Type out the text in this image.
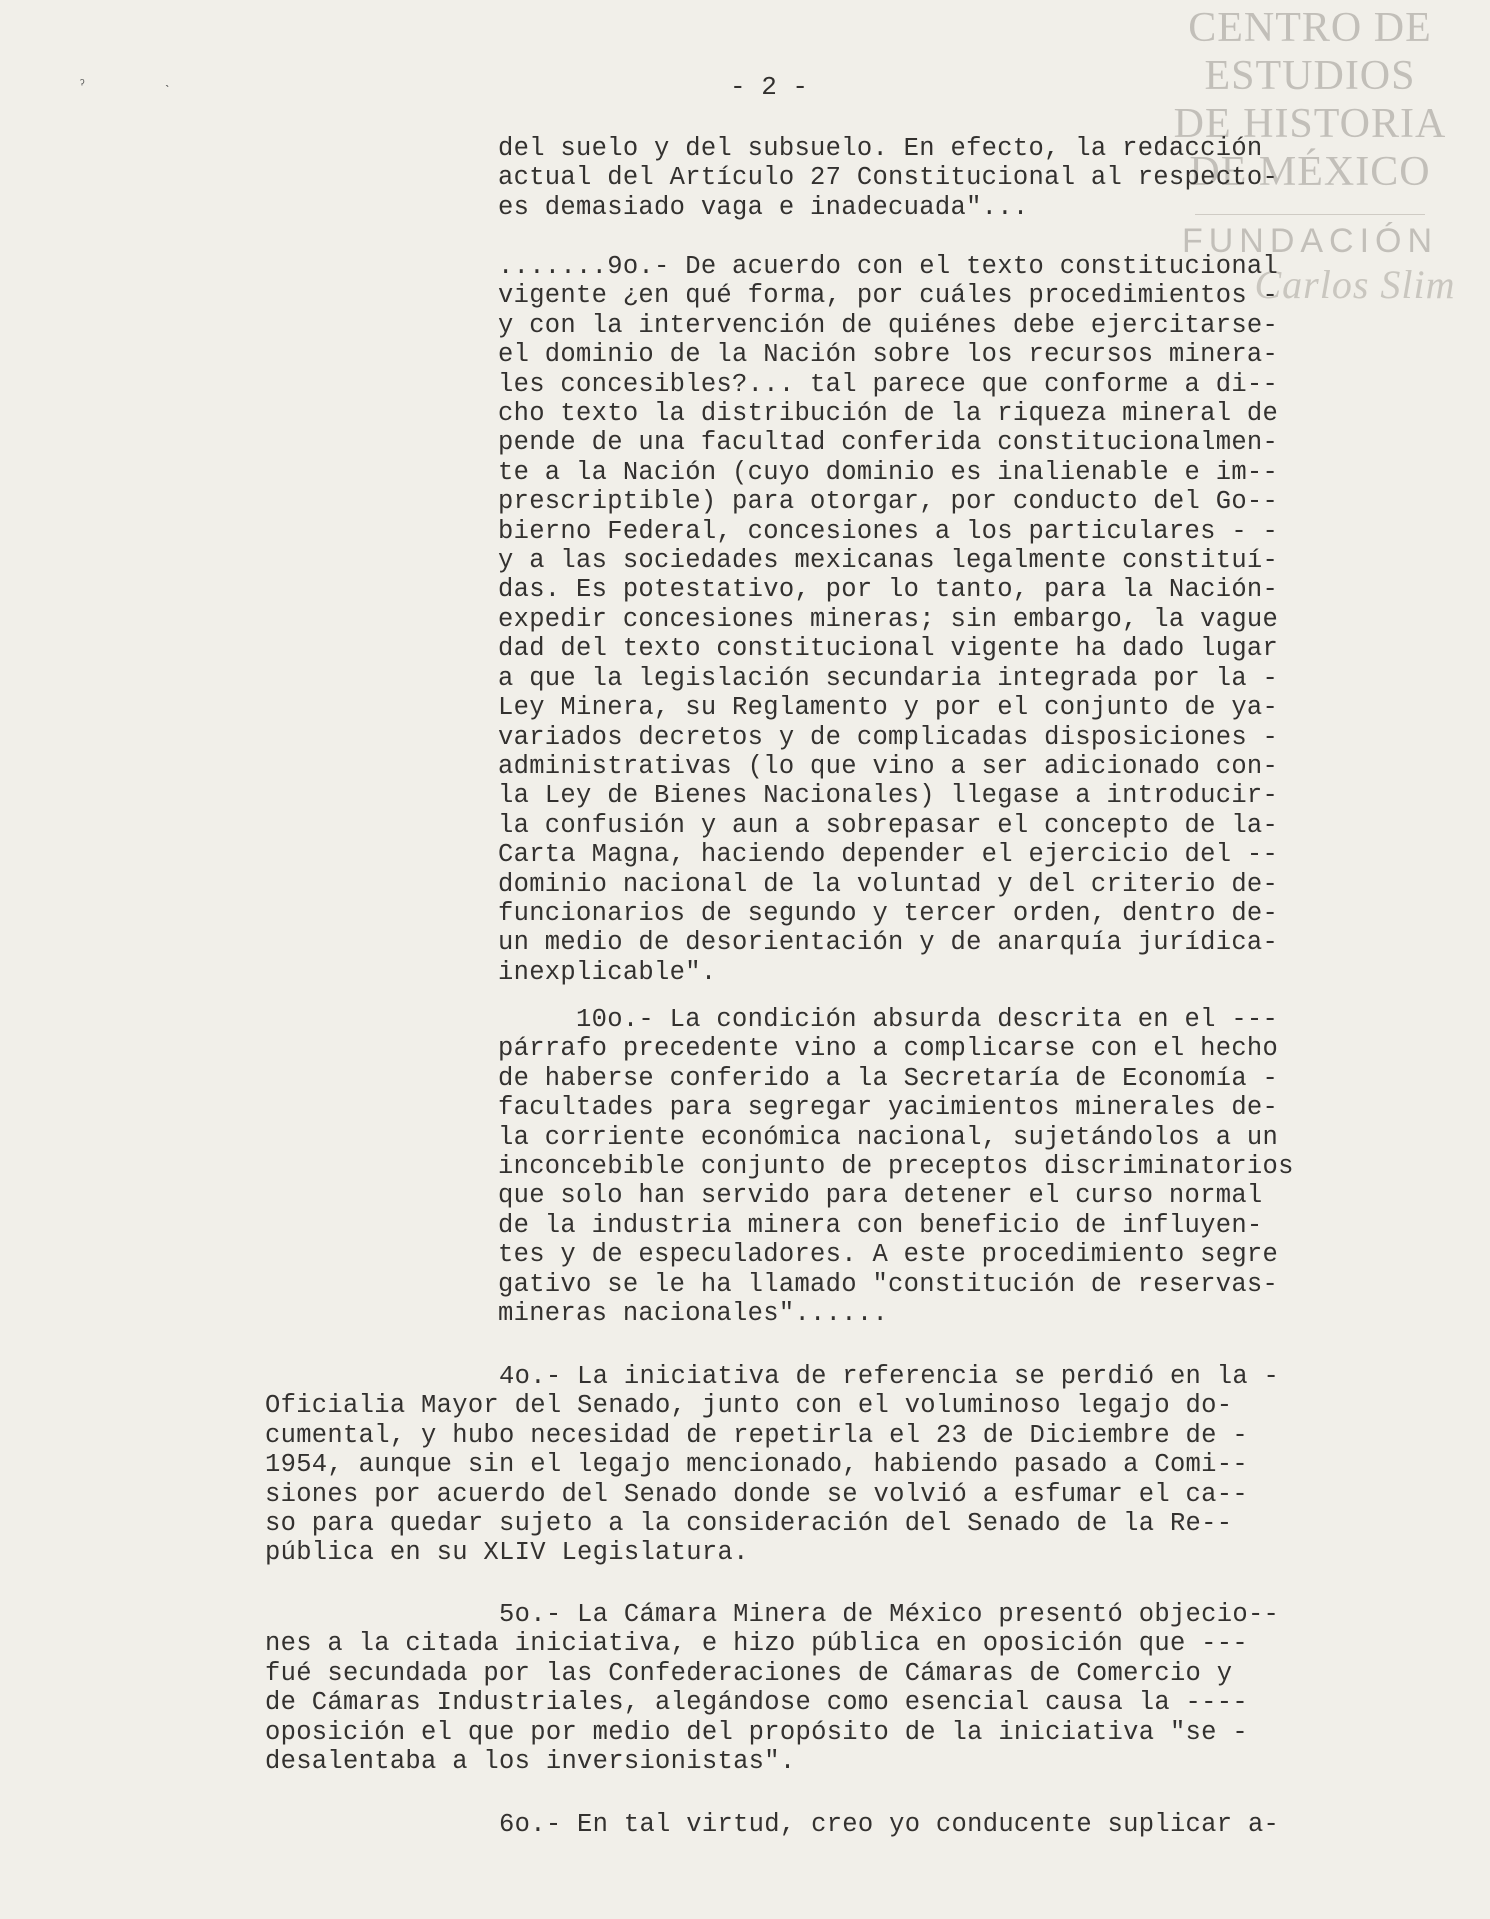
CENTRO DE
ESTUDIOS
DE HISTORIA
DE MÉXICO
FUNDACIÓN
Carlos Slim
ˀ	˴	- 2 -
del suelo y del subsuelo. En efecto, la redacción
actual del Artículo 27 Constitucional al respecto-
es demasiado vaga e inadecuada"...
.......9o.- De acuerdo con el texto constitucional
vigente ¿en qué forma, por cuáles procedimientos -
y con la intervención de quiénes debe ejercitarse-
el dominio de la Nación sobre los recursos minera-
les concesibles?... tal parece que conforme a di--
cho texto la distribución de la riqueza mineral de
pende de una facultad conferida constitucionalmen-
te a la Nación (cuyo dominio es inalienable e im--
prescriptible) para otorgar, por conducto del Go--
bierno Federal, concesiones a los particulares - -
y a las sociedades mexicanas legalmente constituí-
das. Es potestativo, por lo tanto, para la Nación-
expedir concesiones mineras; sin embargo, la vague
dad del texto constitucional vigente ha dado lugar
a que la legislación secundaria integrada por la -
Ley Minera, su Reglamento y por el conjunto de ya-
variados decretos y de complicadas disposiciones -
administrativas (lo que vino a ser adicionado con-
la Ley de Bienes Nacionales) llegase a introducir-
la confusión y aun a sobrepasar el concepto de la-
Carta Magna, haciendo depender el ejercicio del --
dominio nacional de la voluntad y del criterio de-
funcionarios de segundo y tercer orden, dentro de-
un medio de desorientación y de anarquía jurídica-
inexplicable".
10o.- La condición absurda descrita en el ---
párrafo precedente vino a complicarse con el hecho
de haberse conferido a la Secretaría de Economía -
facultades para segregar yacimientos minerales de-
la corriente económica nacional, sujetándolos a un
inconcebible conjunto de preceptos discriminatorios
que solo han servido para detener el curso normal
de la industria minera con beneficio de influyen-
tes y de especuladores. A este procedimiento segre
gativo se le ha llamado "constitución de reservas-
mineras nacionales"......
4o.- La iniciativa de referencia se perdió en la -
Oficialia Mayor del Senado, junto con el voluminoso legajo do-
cumental, y hubo necesidad de repetirla el 23 de Diciembre de -
1954, aunque sin el legajo mencionado, habiendo pasado a Comi--
siones por acuerdo del Senado donde se volvió a esfumar el ca--
so para quedar sujeto a la consideración del Senado de la Re--
pública en su XLIV Legislatura.
5o.- La Cámara Minera de México presentó objecio--
nes a la citada iniciativa, e hizo pública en oposición que ---
fué secundada por las Confederaciones de Cámaras de Comercio y
de Cámaras Industriales, alegándose como esencial causa la ----
oposición el que por medio del propósito de la iniciativa "se -
desalentaba a los inversionistas".
6o.- En tal virtud, creo yo conducente suplicar a-
